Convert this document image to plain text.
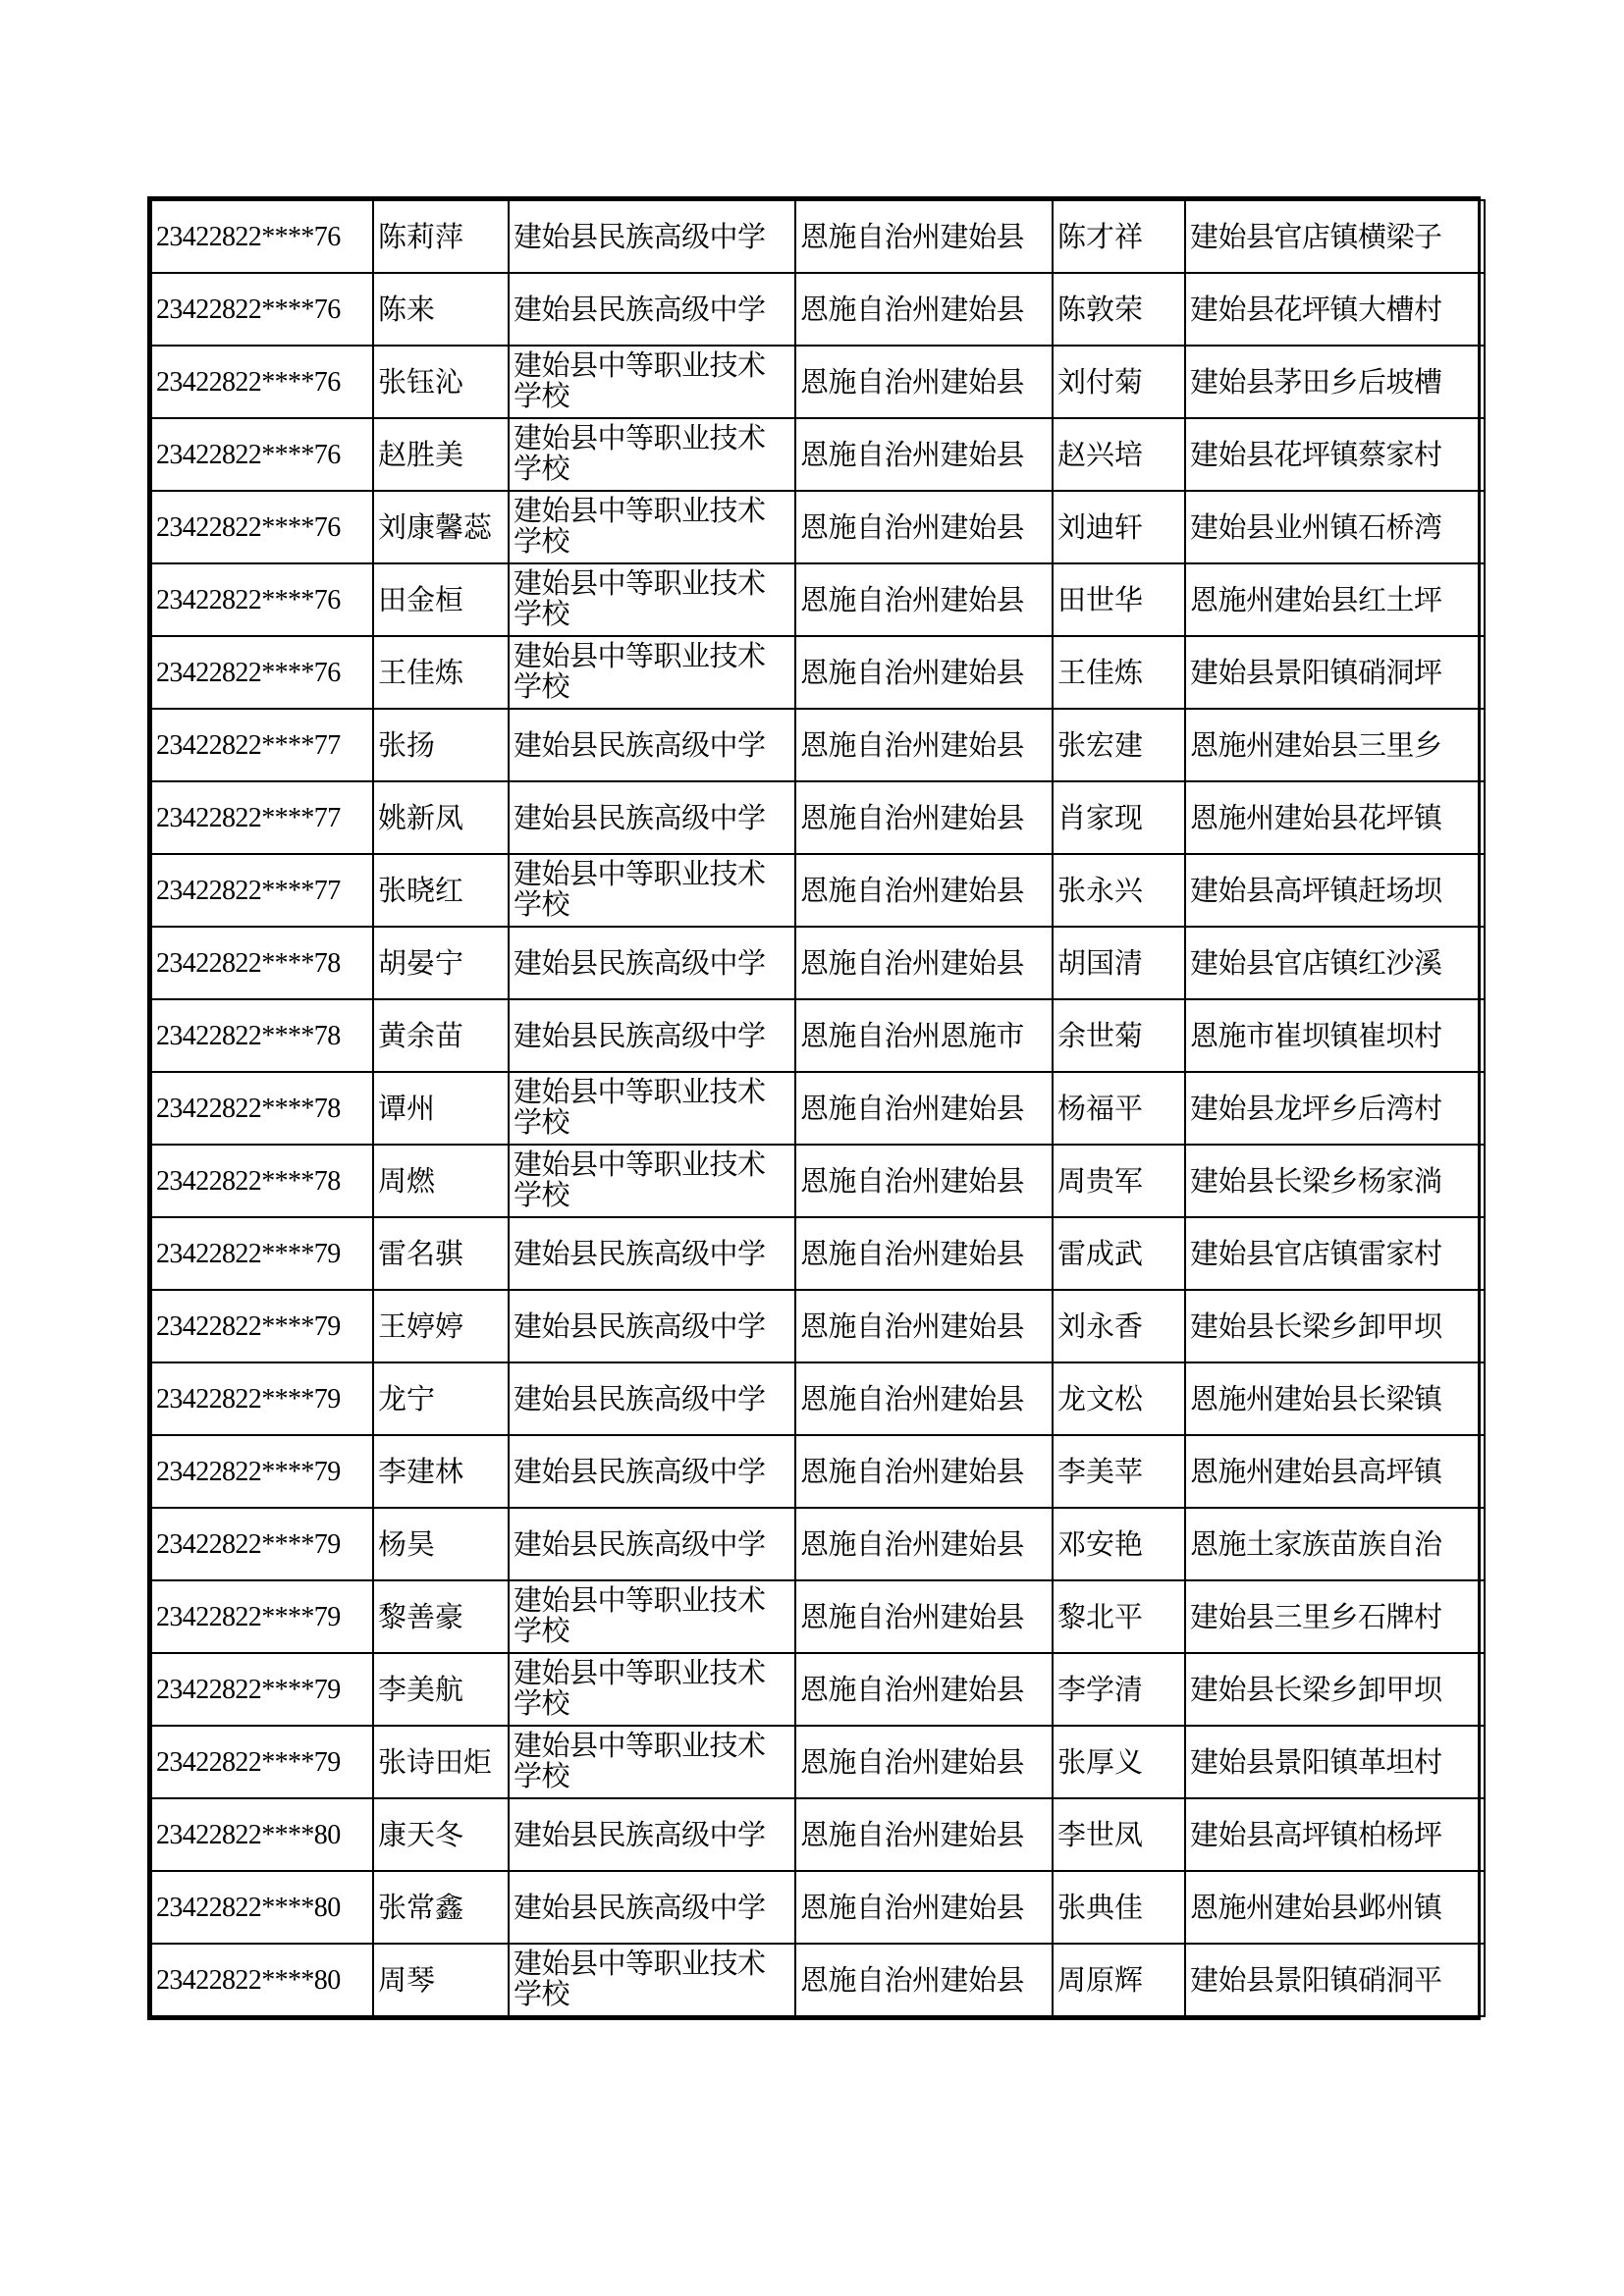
23422822****76	陈莉萍	建始县民族高级中学	恩施自治州建始县	陈才祥	建始县官店镇横梁子
23422822****76	陈来	建始县民族高级中学	恩施自治州建始县	陈敦荣	建始县花坪镇大槽村
23422822****76	张钰沁	建始县中等职业技术学校	恩施自治州建始县	刘付菊	建始县茅田乡后坡槽
23422822****76	赵胜美	建始县中等职业技术学校	恩施自治州建始县	赵兴培	建始县花坪镇蔡家村
23422822****76	刘康馨蕊	建始县中等职业技术学校	恩施自治州建始县	刘迪轩	建始县业州镇石桥湾
23422822****76	田金桓	建始县中等职业技术学校	恩施自治州建始县	田世华	恩施州建始县红土坪
23422822****76	王佳炼	建始县中等职业技术学校	恩施自治州建始县	王佳炼	建始县景阳镇硝洞坪
23422822****77	张扬	建始县民族高级中学	恩施自治州建始县	张宏建	恩施州建始县三里乡
23422822****77	姚新凤	建始县民族高级中学	恩施自治州建始县	肖家现	恩施州建始县花坪镇
23422822****77	张晓红	建始县中等职业技术学校	恩施自治州建始县	张永兴	建始县高坪镇赶场坝
23422822****78	胡晏宁	建始县民族高级中学	恩施自治州建始县	胡国清	建始县官店镇红沙溪
23422822****78	黄余苗	建始县民族高级中学	恩施自治州恩施市	余世菊	恩施市崔坝镇崔坝村
23422822****78	谭州	建始县中等职业技术学校	恩施自治州建始县	杨福平	建始县龙坪乡后湾村
23422822****78	周燃	建始县中等职业技术学校	恩施自治州建始县	周贵军	建始县长梁乡杨家淌
23422822****79	雷名骐	建始县民族高级中学	恩施自治州建始县	雷成武	建始县官店镇雷家村
23422822****79	王婷婷	建始县民族高级中学	恩施自治州建始县	刘永香	建始县长梁乡卸甲坝
23422822****79	龙宁	建始县民族高级中学	恩施自治州建始县	龙文松	恩施州建始县长梁镇
23422822****79	李建林	建始县民族高级中学	恩施自治州建始县	李美苹	恩施州建始县高坪镇
23422822****79	杨昊	建始县民族高级中学	恩施自治州建始县	邓安艳	恩施土家族苗族自治
23422822****79	黎善豪	建始县中等职业技术学校	恩施自治州建始县	黎北平	建始县三里乡石牌村
23422822****79	李美航	建始县中等职业技术学校	恩施自治州建始县	李学清	建始县长梁乡卸甲坝
23422822****79	张诗田炬	建始县中等职业技术学校	恩施自治州建始县	张厚义	建始县景阳镇革坦村
23422822****80	康天冬	建始县民族高级中学	恩施自治州建始县	李世凤	建始县高坪镇柏杨坪
23422822****80	张常鑫	建始县民族高级中学	恩施自治州建始县	张典佳	恩施州建始县邺州镇
23422822****80	周琴	建始县中等职业技术学校	恩施自治州建始县	周原辉	建始县景阳镇硝洞平
